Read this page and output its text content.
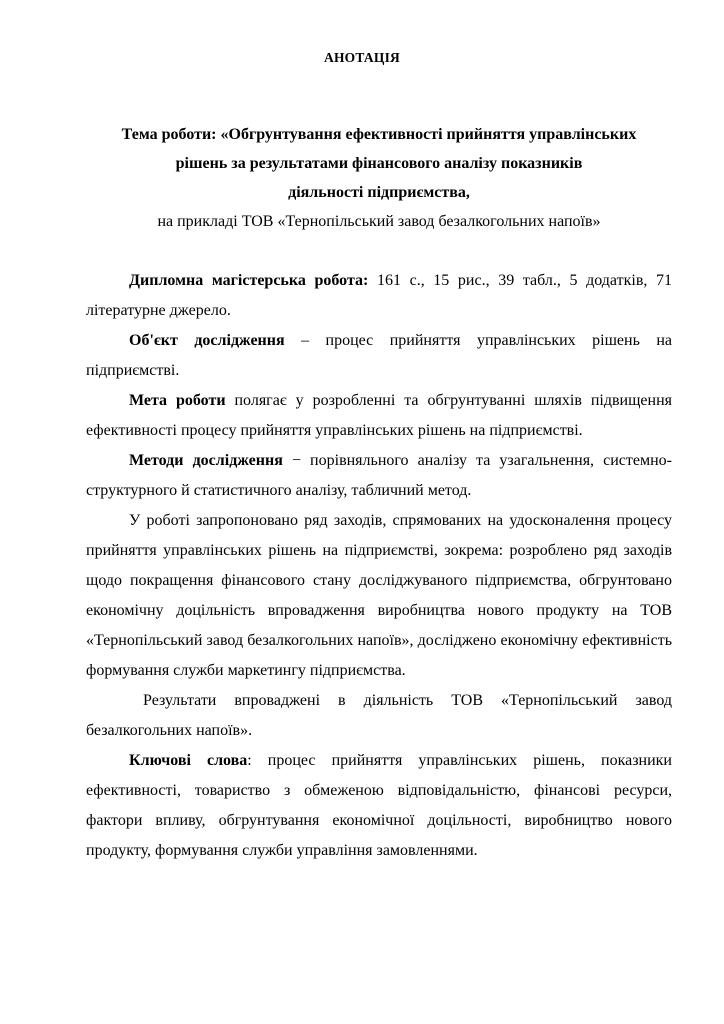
АНОТАЦІЯ
Тема роботи: «Обгрунтування ефективності прийняття управлінських
рішень за результатами фінансового аналізу показників
діяльності підприємства,
на прикладі ТОВ «Тернопільський завод безалкогольних напоїв»

Дипломна магістерська робота: 161 с., 15 рис., 39 табл., 5 додатків, 71 літературне джерело.

Об'єкт дослідження – процес прийняття управлінських рішень на підприємстві.

Мета роботи полягає у розробленні та обгрунтуванні шляхів підвищення ефективності процесу прийняття управлінських рішень на підприємстві.

Методи дослідження − порівняльного аналізу та узагальнення, системно-структурного й статистичного аналізу, табличний метод.

У роботі запропоновано ряд заходів, спрямованих на удосконалення процесу прийняття управлінських рішень на підприємстві, зокрема: розроблено ряд заходів щодо покращення фінансового стану досліджуваного підприємства, обгрунтовано економічну доцільність впровадження виробництва нового продукту на ТОВ «Тернопільський завод безалкогольних напоїв», досліджено економічну ефективність формування служби маркетингу підприємства.

Результати впроваджені в діяльність ТОВ «Тернопільський завод безалкогольних напоїв».

Ключові слова: процес прийняття управлінських рішень, показники ефективності, товариство з обмеженою відповідальністю, фінансові ресурси, фактори впливу, обгрунтування економічної доцільності, виробництво нового продукту, формування служби управління замовленнями.
